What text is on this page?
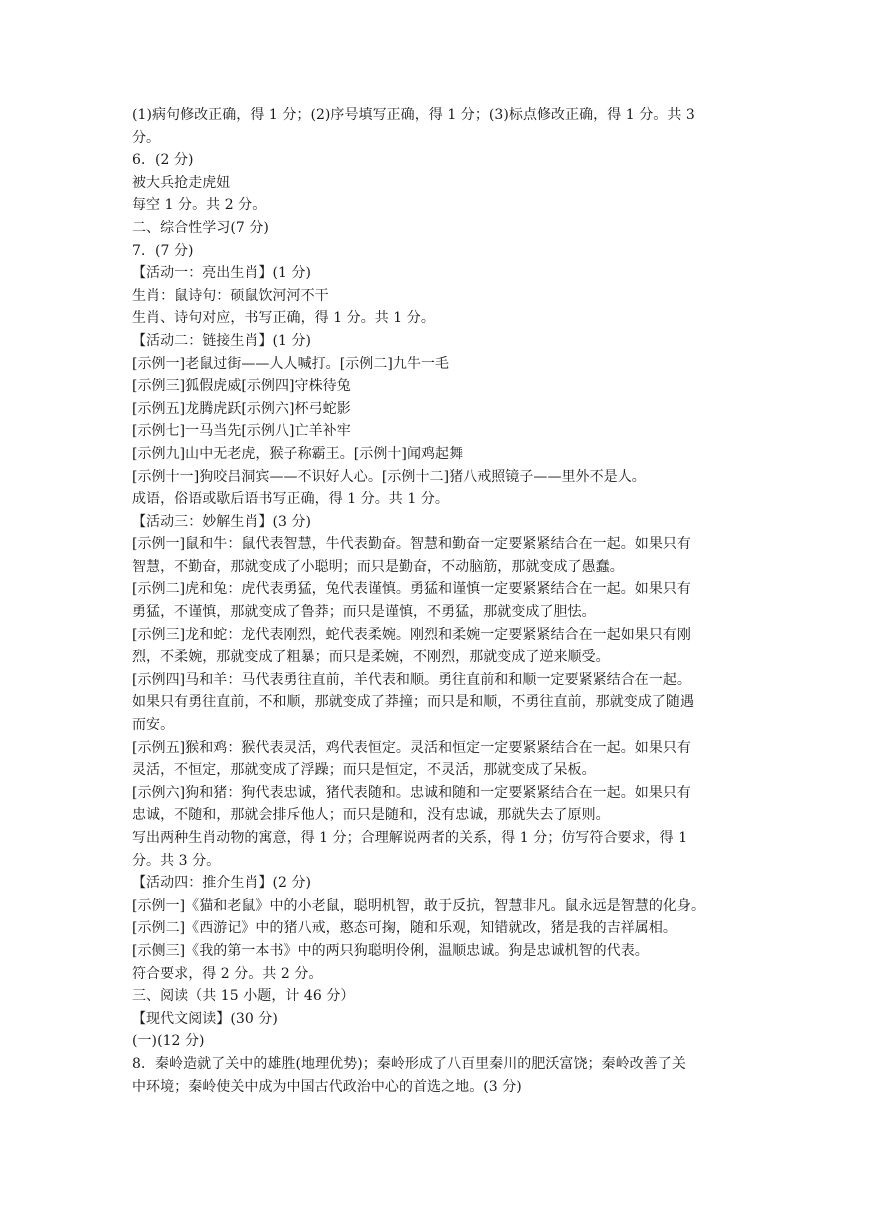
(1)病句修改正确，得 1 分；(2)序号填写正确，得 1 分；(3)标点修改正确，得 1 分。共 3
分。
6．(2 分)
被大兵抢走虎妞
每空 1 分。共 2 分。
二、综合性学习(7 分)
7．(7 分)
【活动一：亮出生肖】(1 分)
生肖：鼠诗句：硕鼠饮河河不干
生肖、诗句对应，书写正确，得 1 分。共 1 分。
【活动二：链接生肖】(1 分)
[示例一]老鼠过街——人人喊打。[示例二]九牛一毛
[示例三]狐假虎威[示例四]守株待兔
[示例五]龙腾虎跃[示例六]杯弓蛇影
[示例七]一马当先[示例八]亡羊补牢
[示例九]山中无老虎，猴子称霸王。[示例十]闻鸡起舞
[示例十一]狗咬吕洞宾——不识好人心。[示例十二]猪八戒照镜子——里外不是人。
成语，俗语或歇后语书写正确，得 1 分。共 1 分。
【活动三：妙解生肖】(3 分)
[示例一]鼠和牛：鼠代表智慧，牛代表勤奋。智慧和勤奋一定要紧紧结合在一起。如果只有
智慧，不勤奋，那就变成了小聪明；而只是勤奋，不动脑筋，那就变成了愚蠢。
[示例二]虎和兔：虎代表勇猛，兔代表谨慎。勇猛和谨慎一定要紧紧结合在一起。如果只有
勇猛，不谨慎，那就变成了鲁莽；而只是谨慎，不勇猛，那就变成了胆怯。
[示例三]龙和蛇：龙代表刚烈，蛇代表柔婉。刚烈和柔婉一定要紧紧结合在一起如果只有刚
烈，不柔婉，那就变成了粗暴；而只是柔婉，不刚烈，那就变成了逆来顺受。
[示例四]马和羊：马代表勇往直前，羊代表和顺。勇往直前和和顺一定要紧紧结合在一起。
如果只有勇往直前，不和顺，那就变成了莽撞；而只是和顺，不勇往直前，那就变成了随遇
而安。
[示例五]猴和鸡：猴代表灵活，鸡代表恒定。灵活和恒定一定要紧紧结合在一起。如果只有
灵活，不恒定，那就变成了浮躁；而只是恒定，不灵活，那就变成了呆板。
[示例六]狗和猪：狗代表忠诚，猪代表随和。忠诚和随和一定要紧紧结合在一起。如果只有
忠诚，不随和，那就会排斥他人；而只是随和，没有忠诚，那就失去了原则。
写出两种生肖动物的寓意，得 1 分；合理解说两者的关系，得 1 分；仿写符合要求，得 1
分。共 3 分。
【活动四：推介生肖】(2 分)
[示例一]《猫和老鼠》中的小老鼠，聪明机智，敢于反抗，智慧非凡。鼠永远是智慧的化身。
[示例二]《西游记》中的猪八戒，憨态可掬，随和乐观，知错就改，猪是我的吉祥属相。
[示侧三]《我的第一本书》中的两只狗聪明伶俐，温顺忠诚。狗是忠诚机智的代表。
符合要求，得 2 分。共 2 分。
三、阅读（共 15 小题，计 46 分）
【现代文阅读】(30 分)
(一)(12 分)
8．秦岭造就了关中的雄胜(地理优势)；秦岭形成了八百里秦川的肥沃富饶；秦岭改善了关
中环境；秦岭使关中成为中国古代政治中心的首选之地。(3 分)
